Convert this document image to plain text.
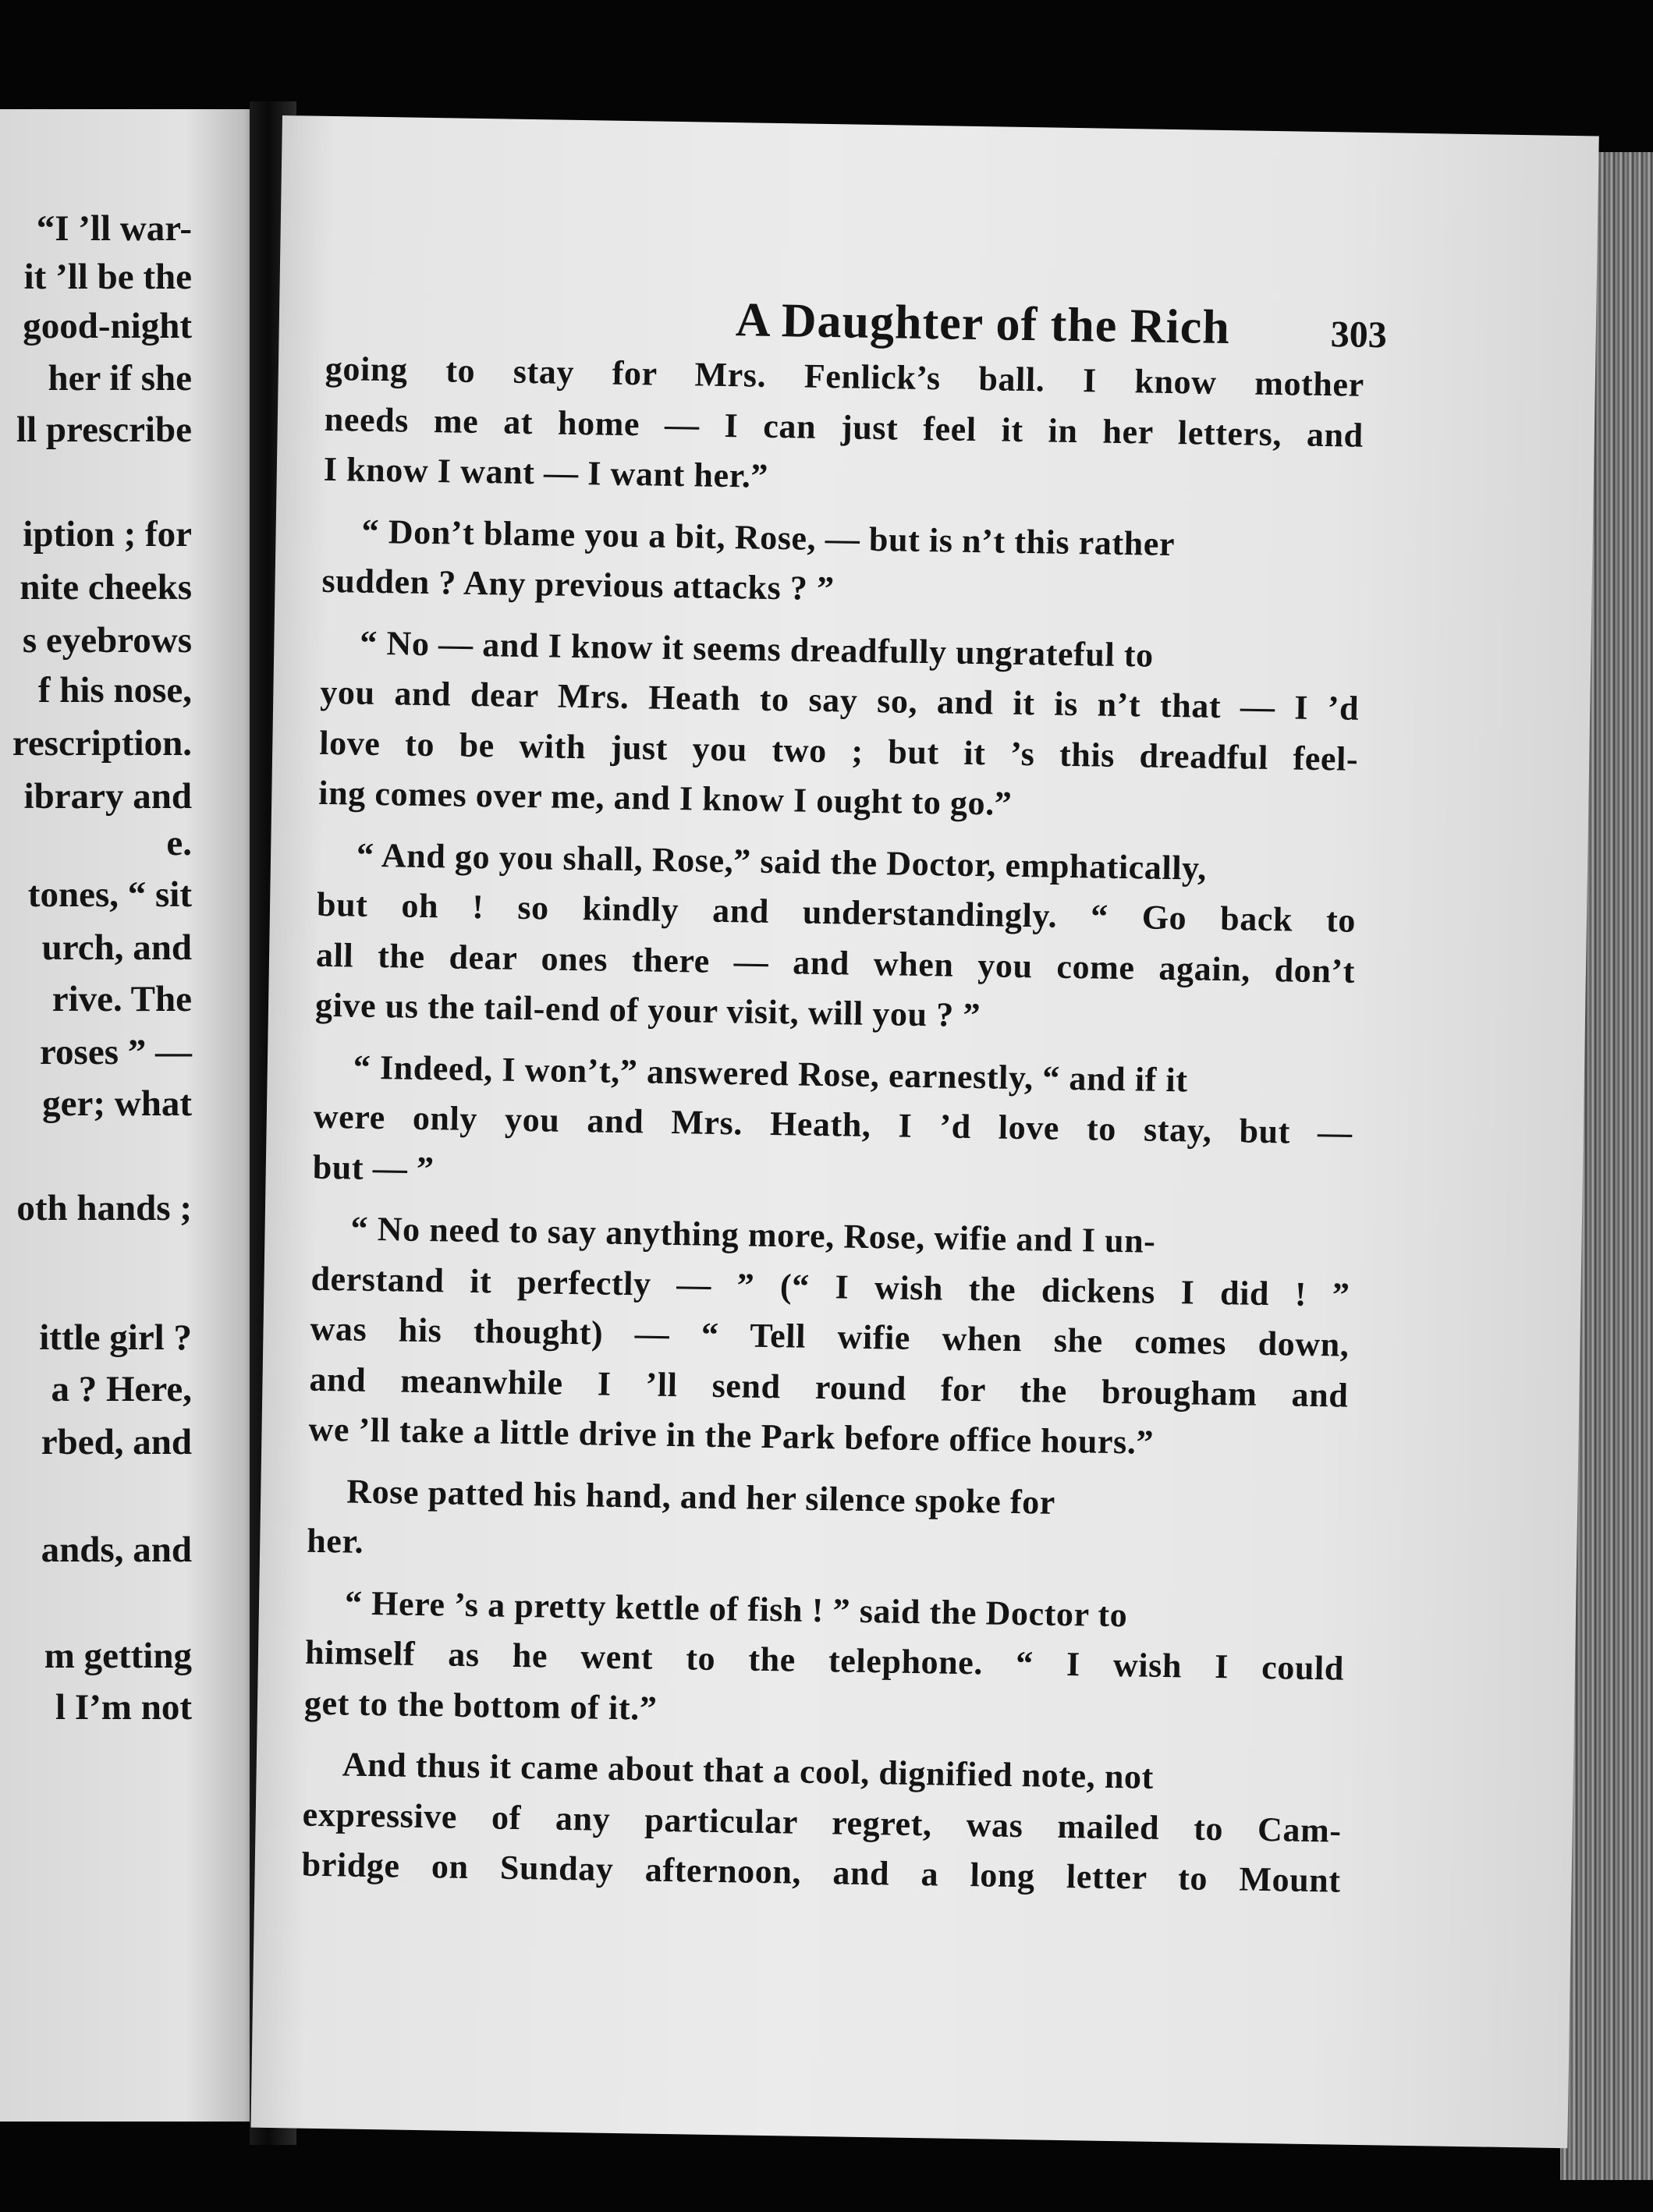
“I ’ll war-
it ’ll be the
good-night
her if she
ll prescribe
iption ; for
nite cheeks
s eyebrows
f his nose,
rescription.
ibrary and
e.
tones, “ sit
urch, and
rive. The
roses ” —
ger; what
oth hands ;
ittle girl ?
a ? Here,
rbed, and
ands, and
m getting
l I’m not
A Daughter of the Rich	303
going to stay for Mrs. Fenlick’s ball. I know mother
needs me at home — I can just feel it in her letters, and
I know I want — I want her.”
“ Don’t blame you a bit, Rose, — but is n’t this rather
sudden ? Any previous attacks ? ”
“ No — and I know it seems dreadfully ungrateful to
you and dear Mrs. Heath to say so, and it is n’t that — I ’d
love to be with just you two ; but it ’s this dreadful feel-
ing comes over me, and I know I ought to go.”
“ And go you shall, Rose,” said the Doctor, emphatically,
but oh ! so kindly and understandingly. “ Go back to
all the dear ones there — and when you come again, don’t
give us the tail-end of your visit, will you ? ”
“ Indeed, I won’t,” answered Rose, earnestly, “ and if it
were only you and Mrs. Heath, I ’d love to stay, but —
but — ”
“ No need to say anything more, Rose, wifie and I un-
derstand it perfectly — ” (“ I wish the dickens I did ! ”
was his thought) — “ Tell wifie when she comes down,
and meanwhile I ’ll send round for the brougham and
we ’ll take a little drive in the Park before office hours.”
Rose patted his hand, and her silence spoke for
her.
“ Here ’s a pretty kettle of fish ! ” said the Doctor to
himself as he went to the telephone. “ I wish I could
get to the bottom of it.”
And thus it came about that a cool, dignified note, not
expressive of any particular regret, was mailed to Cam-
bridge on Sunday afternoon, and a long letter to Mount
